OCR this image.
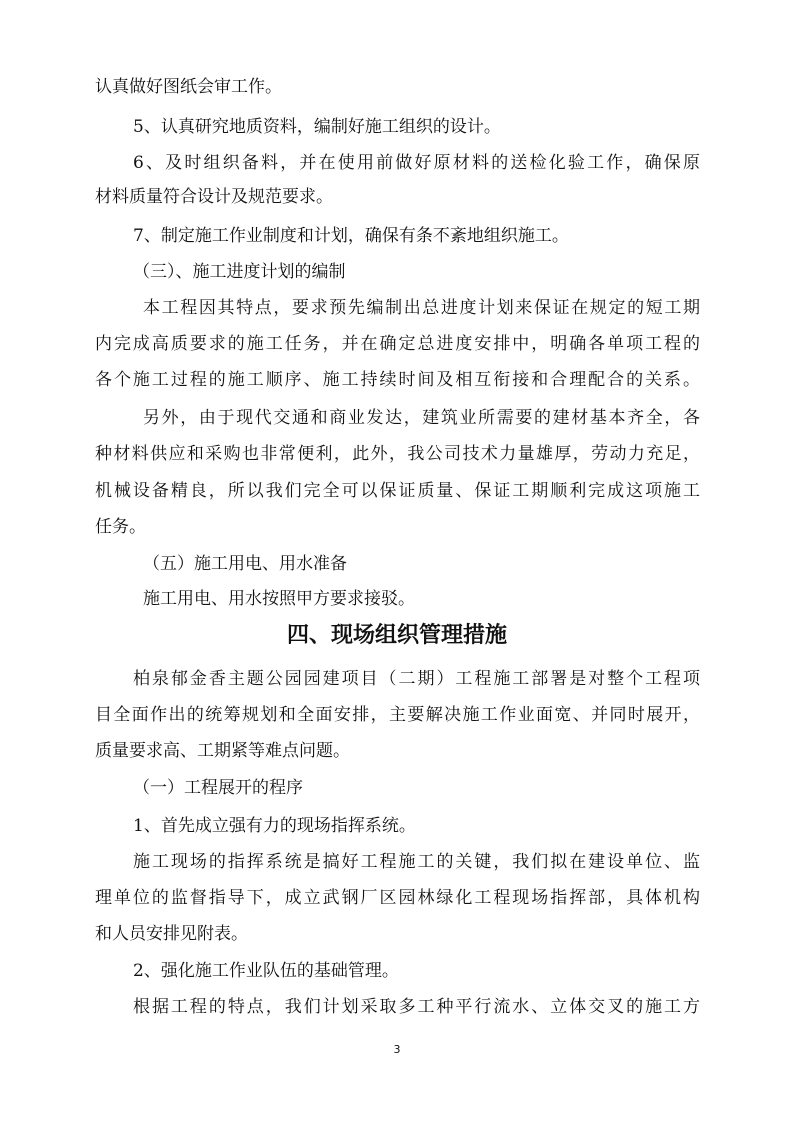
认真做好图纸会审工作。
5、认真研究地质资料，编制好施工组织的设计。
6、及时组织备料，并在使用前做好原材料的送检化验工作，确保原
材料质量符合设计及规范要求。
7、制定施工作业制度和计划，确保有条不紊地组织施工。
（三）、施工进度计划的编制
本工程因其特点，要求预先编制出总进度计划来保证在规定的短工期
内完成高质要求的施工任务，并在确定总进度安排中，明确各单项工程的
各个施工过程的施工顺序、施工持续时间及相互衔接和合理配合的关系。
另外，由于现代交通和商业发达，建筑业所需要的建材基本齐全，各
种材料供应和采购也非常便利，此外，我公司技术力量雄厚，劳动力充足，
机械设备精良，所以我们完全可以保证质量、保证工期顺利完成这项施工
任务。
（五）施工用电、用水准备
施工用电、用水按照甲方要求接驳。
四、现场组织管理措施
柏泉郁金香主题公园园建项目（二期）工程施工部署是对整个工程项
目全面作出的统筹规划和全面安排，主要解决施工作业面宽、并同时展开，
质量要求高、工期紧等难点问题。
（一）工程展开的程序
1、首先成立强有力的现场指挥系统。
施工现场的指挥系统是搞好工程施工的关键，我们拟在建设单位、监
理单位的监督指导下，成立武钢厂区园林绿化工程现场指挥部，具体机构
和人员安排见附表。
2、强化施工作业队伍的基础管理。
根据工程的特点，我们计划采取多工种平行流水、立体交叉的施工方
3
